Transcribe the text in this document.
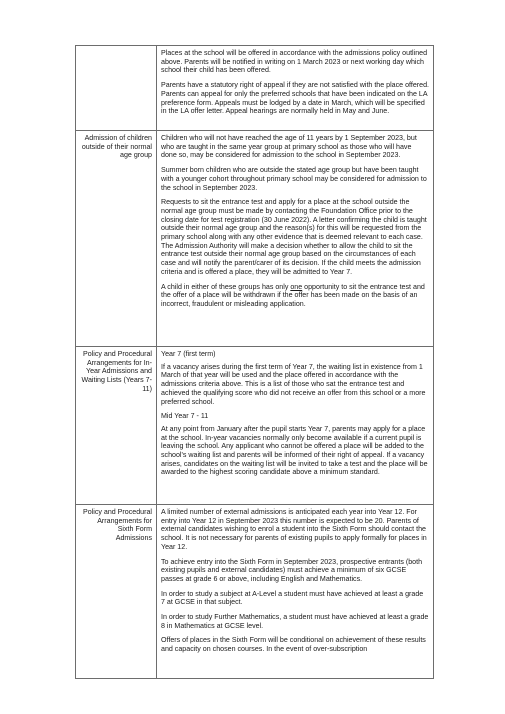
	Places at the school will be offered in accordance with the admissions policy outlined above. Parents will be notified in writing on 1 March 2023 or next working day which school their child has been offered.

Parents have a statutory right of appeal if they are not satisfied with the place offered. Parents can appeal for only the preferred schools that have been indicated on the LA preference form. Appeals must be lodged by a date in March, which will be specified in the LA offer letter. Appeal hearings are normally held in May and June.

Admission of children outside of their normal age group	Children who will not have reached the age of 11 years by 1 September 2023, but who are taught in the same year group at primary school as those who will have done so, may be considered for admission to the school in September 2023.

Summer born children who are outside the stated age group but have been taught with a younger cohort throughout primary school may be considered for admission to the school in September 2023.

Requests to sit the entrance test and apply for a place at the school outside the normal age group must be made by contacting the Foundation Office prior to the closing date for test registration (30 June 2022). A letter confirming the child is taught outside their normal age group and the reason(s) for this will be requested from the primary school along with any other evidence that is deemed relevant to each case. The Admission Authority will make a decision whether to allow the child to sit the entrance test outside their normal age group based on the circumstances of each case and will notify the parent/carer of its decision. If the child meets the admission criteria and is offered a place, they will be admitted to Year 7.

A child in either of these groups has only one opportunity to sit the entrance test and the offer of a place will be withdrawn if the offer has been made on the basis of an incorrect, fraudulent or misleading application.

Policy and Procedural Arrangements for In-Year Admissions and Waiting Lists (Years 7-11)	Year 7 (first term)

If a vacancy arises during the first term of Year 7, the waiting list in existence from 1 March of that year will be used and the place offered in accordance with the admissions criteria above. This is a list of those who sat the entrance test and achieved the qualifying score who did not receive an offer from this school or a more preferred school.

Mid Year 7 - 11

At any point from January after the pupil starts Year 7, parents may apply for a place at the school. In-year vacancies normally only become available if a current pupil is leaving the school. Any applicant who cannot be offered a place will be added to the school's waiting list and parents will be informed of their right of appeal. If a vacancy arises, candidates on the waiting list will be invited to take a test and the place will be awarded to the highest scoring candidate above a minimum standard.

Policy and Procedural Arrangements for Sixth Form Admissions	A limited number of external admissions is anticipated each year into Year 12. For entry into Year 12 in September 2023 this number is expected to be 20. Parents of external candidates wishing to enrol a student into the Sixth Form should contact the school. It is not necessary for parents of existing pupils to apply formally for places in Year 12.

To achieve entry into the Sixth Form in September 2023, prospective entrants (both existing pupils and external candidates) must achieve a minimum of six GCSE passes at grade 6 or above, including English and Mathematics.

In order to study a subject at A-Level a student must have achieved at least a grade 7 at GCSE in that subject.

In order to study Further Mathematics, a student must have achieved at least a grade 8 in Mathematics at GCSE level.

Offers of places in the Sixth Form will be conditional on achievement of these results and capacity on chosen courses. In the event of over-subscription
